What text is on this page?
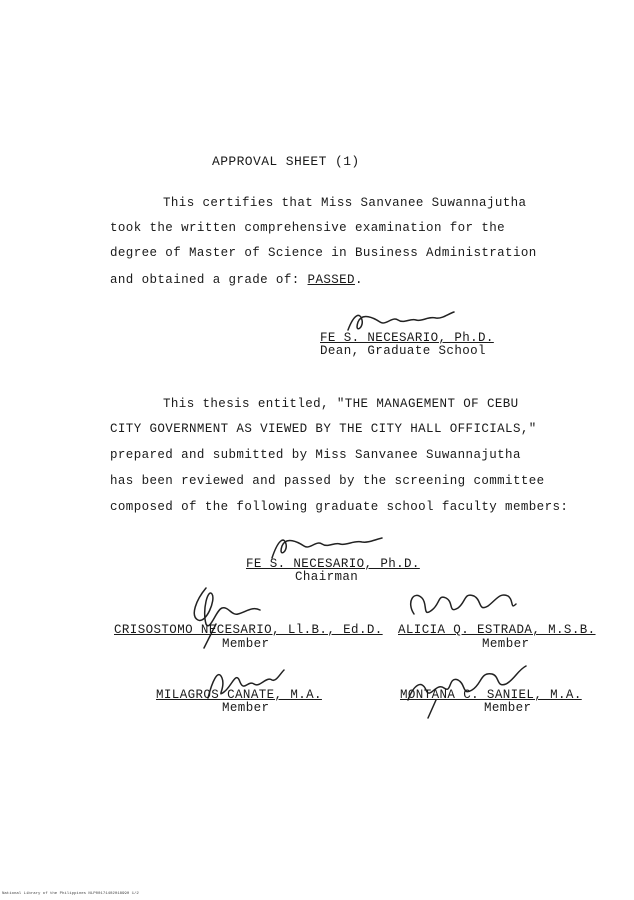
APPROVAL SHEET (1)
This certifies that Miss Sanvanee Suwannajutha
took the written comprehensive examination for the
degree of Master of Science in Business Administration
and obtained a grade of: PASSED.
FE S. NECESARIO, Ph.D.
Dean, Graduate School
This thesis entitled, "THE MANAGEMENT OF CEBU
CITY GOVERNMENT AS VIEWED BY THE CITY HALL OFFICIALS,"
prepared and submitted by Miss Sanvanee Suwannajutha
has been reviewed and passed by the screening committee
composed of the following graduate school faculty members:
FE S. NECESARIO, Ph.D.
Chairman
CRISOSTOMO NECESARIO, Ll.B., Ed.D.
Member
ALICIA Q. ESTRADA, M.S.B.
Member
MILAGROS CANATE, M.A.
Member
MONTANA C. SANIEL, M.A.
Member
National Library of the Philippines NLP00171402018990 1/2
